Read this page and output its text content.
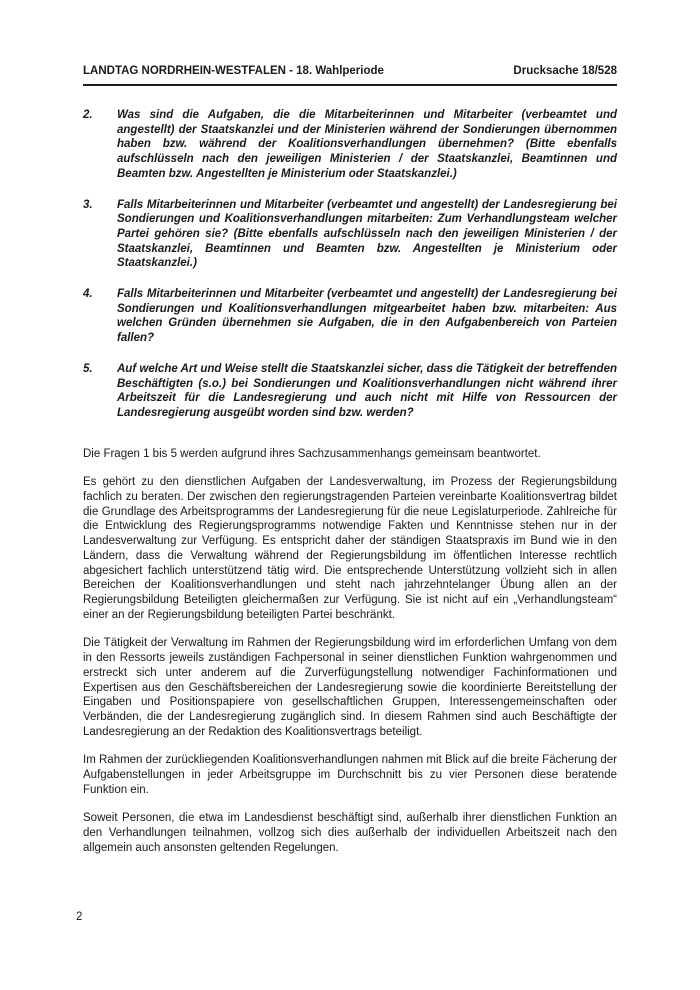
LANDTAG NORDRHEIN-WESTFALEN - 18. Wahlperiode	Drucksache 18/528
2.	Was sind die Aufgaben, die die Mitarbeiterinnen und Mitarbeiter (verbeamtet und angestellt) der Staatskanzlei und der Ministerien während der Sondierungen übernommen haben bzw. während der Koalitionsverhandlungen übernehmen? (Bitte ebenfalls aufschlüsseln nach den jeweiligen Ministerien / der Staatskanzlei, Beamtinnen und Beamten bzw. Angestellten je Ministerium oder Staatskanzlei.)
3.	Falls Mitarbeiterinnen und Mitarbeiter (verbeamtet und angestellt) der Landesregierung bei Sondierungen und Koalitionsverhandlungen mitarbeiten: Zum Verhandlungsteam welcher Partei gehören sie? (Bitte ebenfalls aufschlüsseln nach den jeweiligen Ministerien / der Staatskanzlei, Beamtinnen und Beamten bzw. Angestellten je Ministerium oder Staatskanzlei.)
4.	Falls Mitarbeiterinnen und Mitarbeiter (verbeamtet und angestellt) der Landesregierung bei Sondierungen und Koalitionsverhandlungen mitgearbeitet haben bzw. mitarbeiten: Aus welchen Gründen übernehmen sie Aufgaben, die in den Aufgabenbereich von Parteien fallen?
5.	Auf welche Art und Weise stellt die Staatskanzlei sicher, dass die Tätigkeit der betreffenden Beschäftigten (s.o.) bei Sondierungen und Koalitionsverhandlungen nicht während ihrer Arbeitszeit für die Landesregierung und auch nicht mit Hilfe von Ressourcen der Landesregierung ausgeübt worden sind bzw. werden?

Die Fragen 1 bis 5 werden aufgrund ihres Sachzusammenhangs gemeinsam beantwortet.

Es gehört zu den dienstlichen Aufgaben der Landesverwaltung, im Prozess der Regierungsbildung fachlich zu beraten. Der zwischen den regierungstragenden Parteien vereinbarte Koalitionsvertrag bildet die Grundlage des Arbeitsprogramms der Landesregierung für die neue Legislaturperiode. Zahlreiche für die Entwicklung des Regierungsprogramms notwendige Fakten und Kenntnisse stehen nur in der Landesverwaltung zur Verfügung. Es entspricht daher der ständigen Staatspraxis im Bund wie in den Ländern, dass die Verwaltung während der Regierungsbildung im öffentlichen Interesse rechtlich abgesichert fachlich unterstützend tätig wird. Die entsprechende Unterstützung vollzieht sich in allen Bereichen der Koalitionsverhandlungen und steht nach jahrzehntelanger Übung allen an der Regierungsbildung Beteiligten gleichermaßen zur Verfügung. Sie ist nicht auf ein „Verhandlungsteam“ einer an der Regierungsbildung beteiligten Partei beschränkt.

Die Tätigkeit der Verwaltung im Rahmen der Regierungsbildung wird im erforderlichen Umfang von dem in den Ressorts jeweils zuständigen Fachpersonal in seiner dienstlichen Funktion wahrgenommen und erstreckt sich unter anderem auf die Zurverfügungstellung notwendiger Fachinformationen und Expertisen aus den Geschäftsbereichen der Landesregierung sowie die koordinierte Bereitstellung der Eingaben und Positionspapiere von gesellschaftlichen Gruppen, Interessengemeinschaften oder Verbänden, die der Landesregierung zugänglich sind. In diesem Rahmen sind auch Beschäftigte der Landesregierung an der Redaktion des Koalitionsvertrags beteiligt.

Im Rahmen der zurückliegenden Koalitionsverhandlungen nahmen mit Blick auf die breite Fächerung der Aufgabenstellungen in jeder Arbeitsgruppe im Durchschnitt bis zu vier Personen diese beratende Funktion ein.

Soweit Personen, die etwa im Landesdienst beschäftigt sind, außerhalb ihrer dienstlichen Funktion an den Verhandlungen teilnahmen, vollzog sich dies außerhalb der individuellen Arbeitszeit nach den allgemein auch ansonsten geltenden Regelungen.

2
